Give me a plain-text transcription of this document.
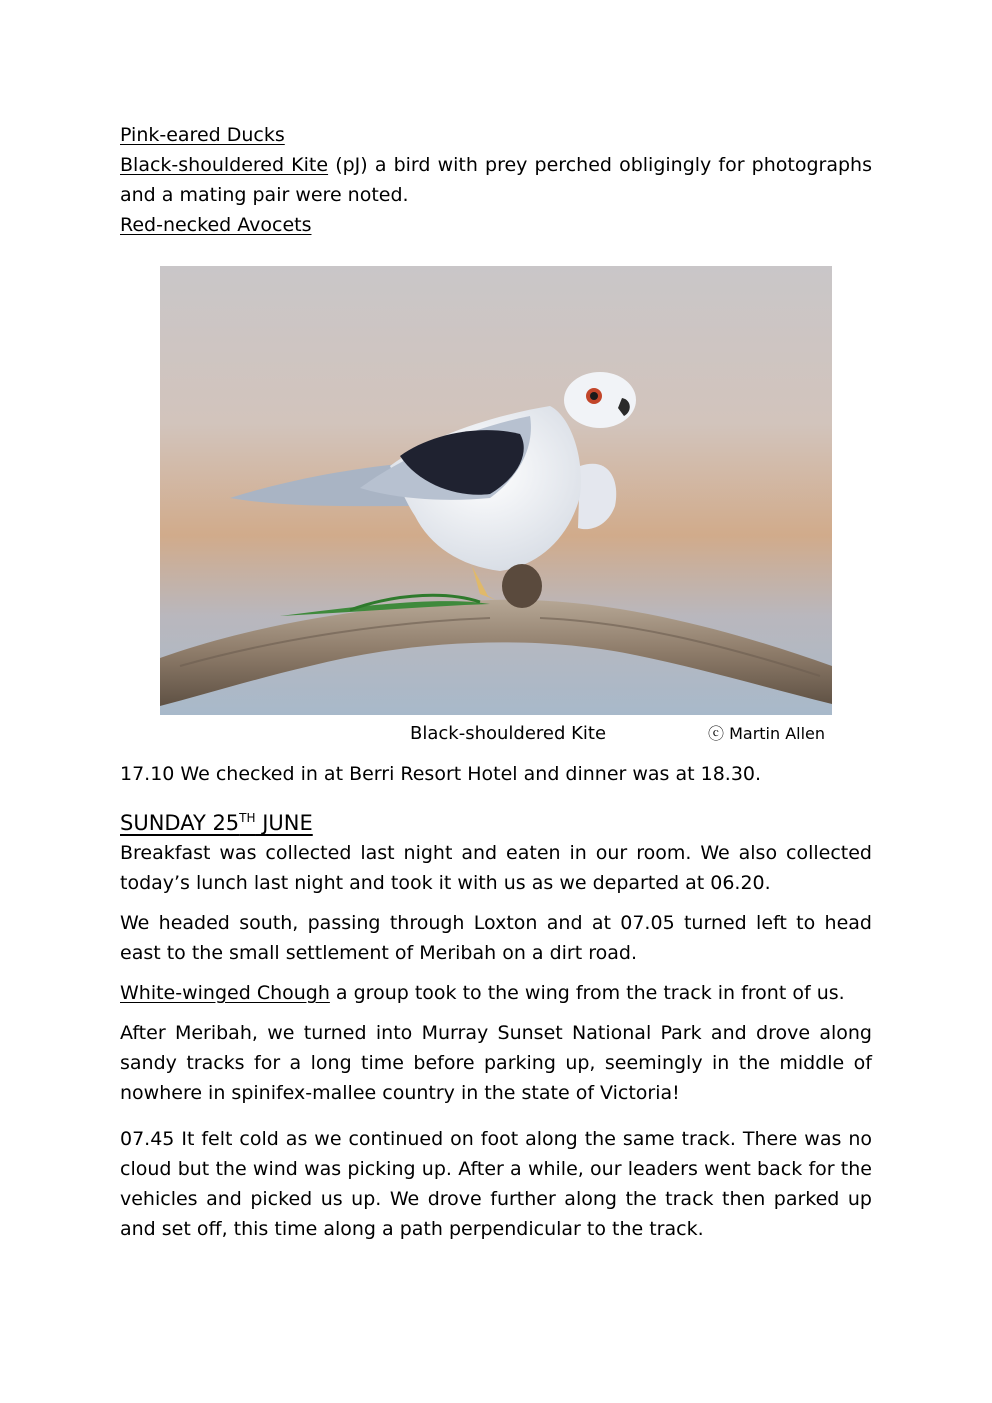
Pink-eared Ducks

Black-shouldered Kite (pJ) a bird with prey perched obligingly for photographs and a mating pair were noted.

Red-necked Avocets

Black-shouldered Kite	ⓒ Martin Allen

17.10 We checked in at Berri Resort Hotel and dinner was at 18.30.

SUNDAY 25TH JUNE

Breakfast was collected last night and eaten in our room. We also collected today’s lunch last night and took it with us as we departed at 06.20.

We headed south, passing through Loxton and at 07.05 turned left to head east to the small settlement of Meribah on a dirt road.

White-winged Chough a group took to the wing from the track in front of us.

After Meribah, we turned into Murray Sunset National Park and drove along sandy tracks for a long time before parking up, seemingly in the middle of nowhere in spinifex-mallee country in the state of Victoria!

07.45 It felt cold as we continued on foot along the same track. There was no cloud but the wind was picking up. After a while, our leaders went back for the vehicles and picked us up. We drove further along the track then parked up and set off, this time along a path perpendicular to the track.
